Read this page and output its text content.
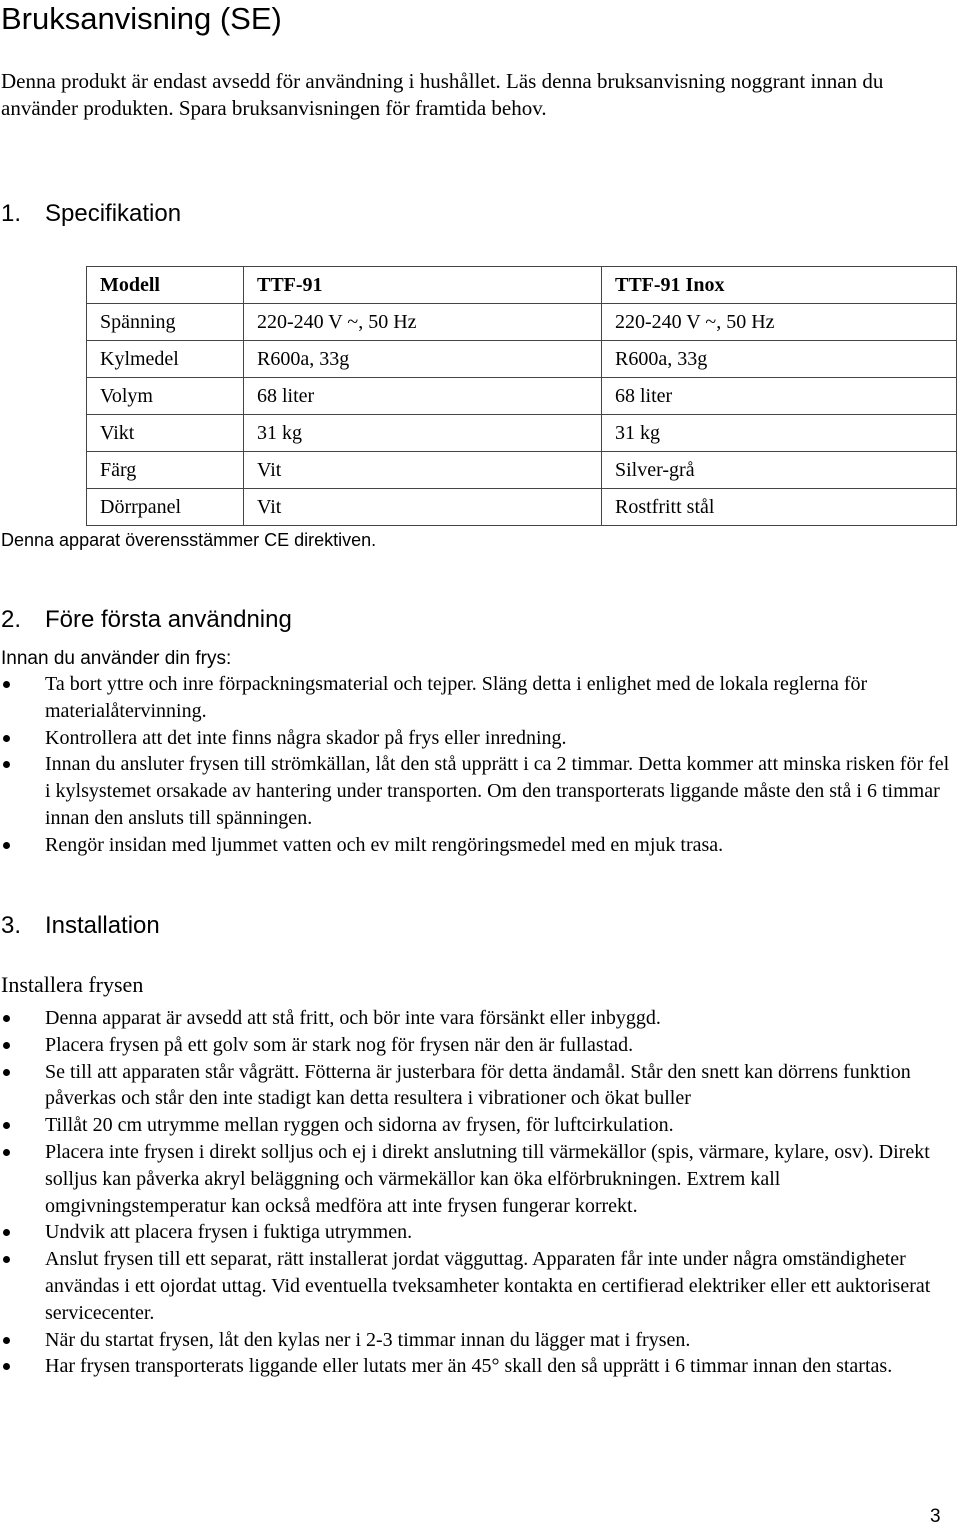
Bruksanvisning (SE)
Denna produkt är endast avsedd för användning i hushållet. Läs denna bruksanvisning noggrant innan du använder produkten. Spara bruksanvisningen för framtida behov.
1. Specifikation
Modell	TTF-91	TTF-91 Inox
Spänning	220-240 V ~, 50 Hz	220-240 V ~, 50 Hz
Kylmedel	R600a, 33g	R600a, 33g
Volym	68 liter	68 liter
Vikt	31 kg	31 kg
Färg	Vit	Silver-grå
Dörrpanel	Vit	Rostfritt stål
Denna apparat överensstämmer CE direktiven.
2. Före första användning
Innan du använder din frys:
Ta bort yttre och inre förpackningsmaterial och tejper. Släng detta i enlighet med de lokala reglerna för materialåtervinning.
Kontrollera att det inte finns några skador på frys eller inredning.
Innan du ansluter frysen till strömkällan, låt den stå upprätt i ca 2 timmar. Detta kommer att minska risken för fel i kylsystemet orsakade av hantering under transporten. Om den transporterats liggande måste den stå i 6 timmar innan den ansluts till spänningen.
Rengör insidan med ljummet vatten och ev milt rengöringsmedel med en mjuk trasa.
3. Installation
Installera frysen
Denna apparat är avsedd att stå fritt, och bör inte vara försänkt eller inbyggd.
Placera frysen på ett golv som är stark nog för frysen när den är fullastad.
Se till att apparaten står vågrätt. Fötterna är justerbara för detta ändamål. Står den snett kan dörrens funktion påverkas och står den inte stadigt kan detta resultera i vibrationer och ökat buller
Tillåt 20 cm utrymme mellan ryggen och sidorna av frysen, för luftcirkulation.
Placera inte frysen i direkt solljus och ej i direkt anslutning till värmekällor (spis, värmare, kylare, osv). Direkt solljus kan påverka akryl beläggning och värmekällor kan öka elförbrukningen. Extrem kall omgivningstemperatur kan också medföra att inte frysen fungerar korrekt.
Undvik att placera frysen i fuktiga utrymmen.
Anslut frysen till ett separat, rätt installerat jordat vägguttag. Apparaten får inte under några omständigheter användas i ett ojordat uttag. Vid eventuella tveksamheter kontakta en certifierad elektriker eller ett auktoriserat servicecenter.
När du startat frysen, låt den kylas ner i 2-3 timmar innan du lägger mat i frysen.
Har frysen transporterats liggande eller lutats mer än 45° skall den så upprätt i 6 timmar innan den startas.
3
